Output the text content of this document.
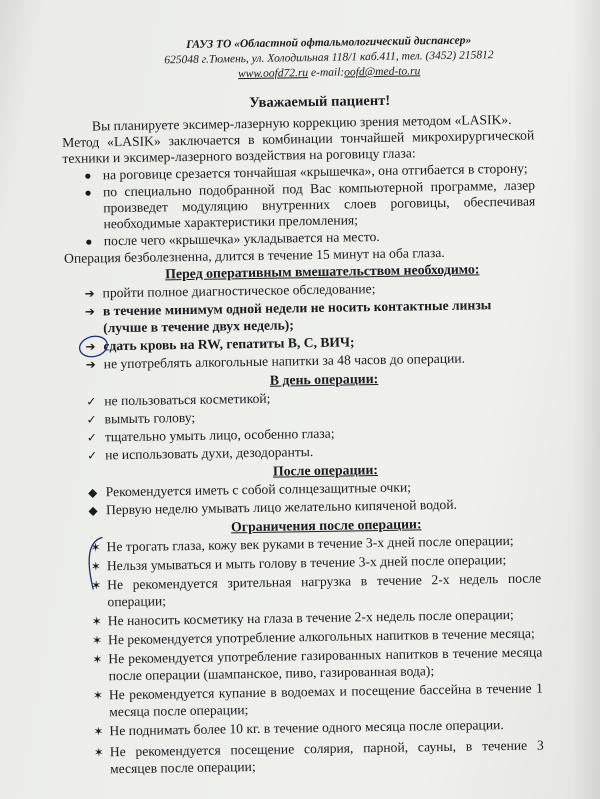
ГАУЗ ТО «Областной офтальмологический диспансер»
625048 г.Тюмень, ул. Холодильная 118/1 каб.411, тел. (3452) 215812
www.oofd72.ru e-mail:oofd@med-to.ru
Уважаемый пациент!
Вы планируете эксимер-лазерную коррекцию зрения методом «LASIK».
Метод «LASIK» заключается в комбинации тончайшей микрохирургической
техники и эксимер-лазерного воздействия на роговицу глаза:
● на роговице срезается тончайшая «крышечка», она отгибается в сторону;
● по специально подобранной под Вас компьютерной программе, лазер
произведет модуляцию внутренних слоев роговицы, обеспечивая
необходимые характеристики преломления;
● после чего «крышечка» укладывается на место.
Операция безболезненна, длится в течение 15 минут на оба глаза.
Перед оперативным вмешательством необходимо:
➔ пройти полное диагностическое обследование;
➔ в течение минимум одной недели не носить контактные линзы
(лучше в течение двух недель);
➔ сдать кровь на RW, гепатиты В, С, ВИЧ;
➔ не употреблять алкогольные напитки за 48 часов до операции.
В день операции:
✓ не пользоваться косметикой;
✓ вымыть голову;
✓ тщательно умыть лицо, особенно глаза;
✓ не использовать духи, дезодоранты.
После операции:
◆ Рекомендуется иметь с собой солнцезащитные очки;
◆ Первую неделю умывать лицо желательно кипяченой водой.
Ограничения после операции:
✶ Не трогать глаза, кожу век руками в течение 3-х дней после операции;
✶ Нельзя умываться и мыть голову в течение 3-х дней после операции;
✶ Не рекомендуется зрительная нагрузка в течение 2-х недель после
операции;
✶ Не наносить косметику на глаза в течение 2-х недель после операции;
✶ Не рекомендуется употребление алкогольных напитков в течение месяца;
✶ Не рекомендуется употребление газированных напитков в течение месяца
после операции (шампанское, пиво, газированная вода);
✶ Не рекомендуется купание в водоемах и посещение бассейна в течение 1
месяца после операции;
✶ Не поднимать более 10 кг. в течение одного месяца после операции.
✶ Не рекомендуется посещение солярия, парной, сауны, в течение 3
месяцев после операции;
